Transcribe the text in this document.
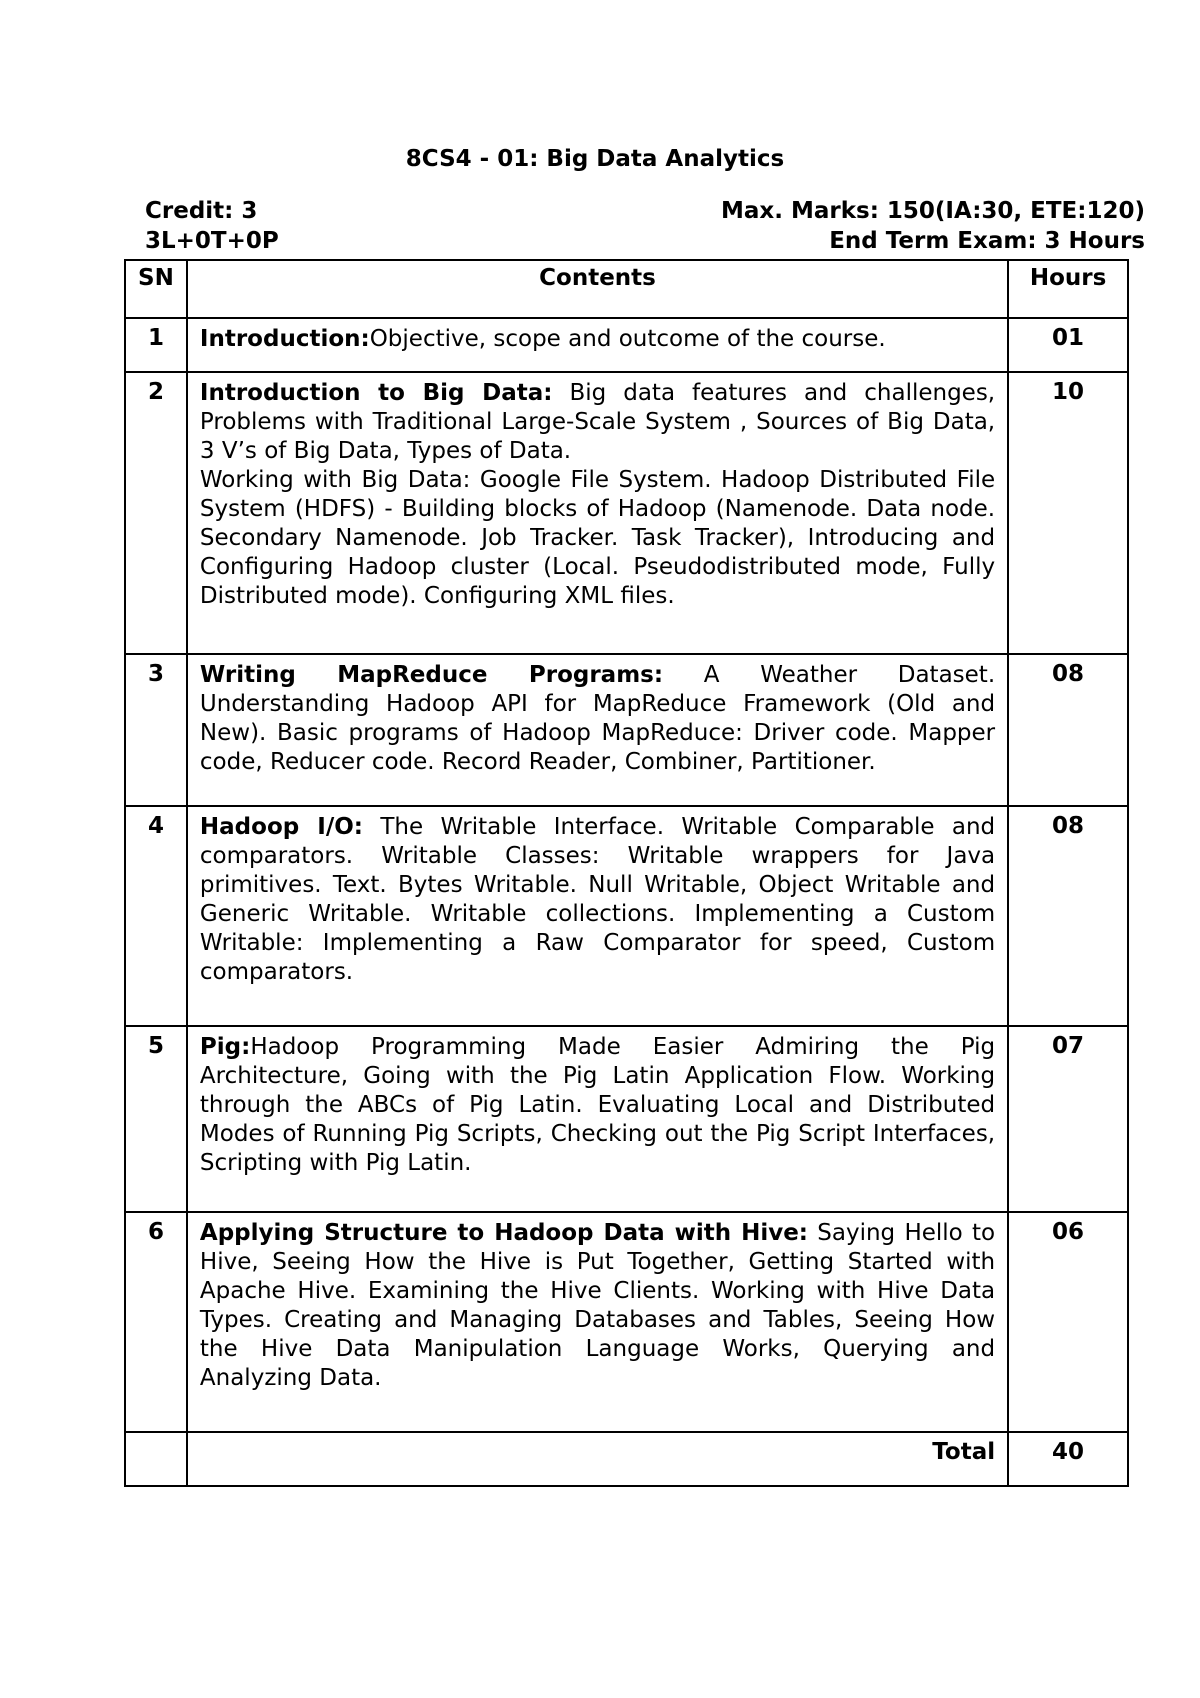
8CS4 - 01: Big Data Analytics
Credit: 3
3L+0T+0P
Max. Marks: 150(IA:30, ETE:120)
End Term Exam: 3 Hours
SN	Contents	Hours
1	Introduction:Objective, scope and outcome of the course.	01
2	Introduction to Big Data: Big data features and challenges, Problems with Traditional Large-Scale System , Sources of Big Data, 3 V’s of Big Data, Types of Data.

Working with Big Data: Google File System. Hadoop Distributed File System (HDFS) - Building blocks of Hadoop (Namenode. Data node. Secondary Namenode. Job Tracker. Task Tracker), Introducing and Configuring Hadoop cluster (Local. Pseudodistributed mode, Fully Distributed mode). Configuring XML files.	10
3	Writing MapReduce Programs: A Weather Dataset. Understanding Hadoop API for MapReduce Framework (Old and New). Basic programs of Hadoop MapReduce: Driver code. Mapper code, Reducer code. Record Reader, Combiner, Partitioner.	08
4	Hadoop I/O: The Writable Interface. Writable Comparable and comparators. Writable Classes: Writable wrappers for Java primitives. Text. Bytes Writable. Null Writable, Object Writable and Generic Writable. Writable collections. Implementing a Custom Writable: Implementing a Raw Comparator for speed, Custom comparators.	08
5	Pig:Hadoop Programming Made Easier Admiring the Pig Architecture, Going with the Pig Latin Application Flow. Working through the ABCs of Pig Latin. Evaluating Local and Distributed Modes of Running Pig Scripts, Checking out the Pig Script Interfaces, Scripting with Pig Latin.	07
6	Applying Structure to Hadoop Data with Hive: Saying Hello to Hive, Seeing How the Hive is Put Together, Getting Started with Apache Hive. Examining the Hive Clients. Working with Hive Data Types. Creating and Managing Databases and Tables, Seeing How the Hive Data Manipulation Language Works, Querying and Analyzing Data.	06
	Total	40
